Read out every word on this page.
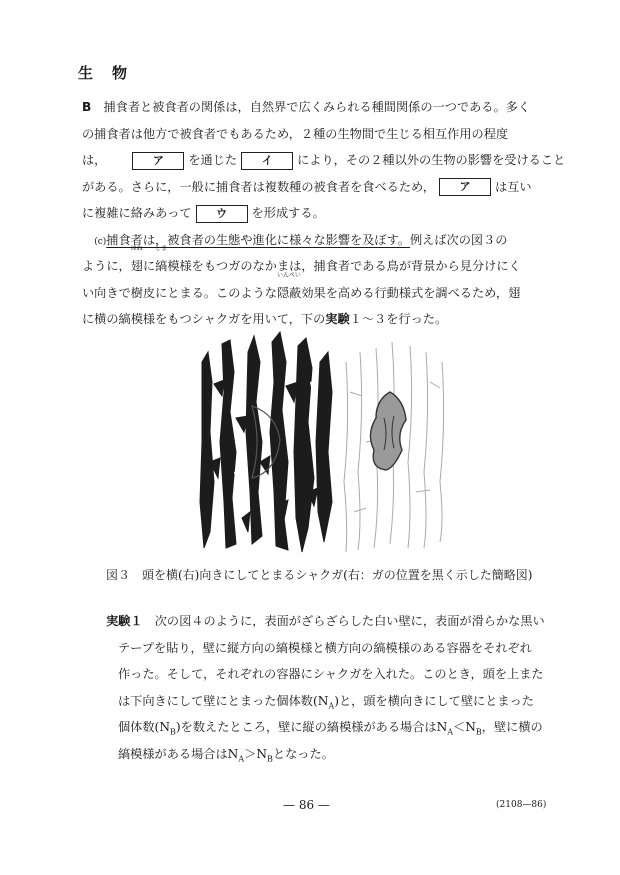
生　物
B　 捕食者と被食者の関係は，自然界で広くみられる種間関係の一つである。多く
の捕食者は他方で被食者でもあるため，２種の生物間で生じる相互作用の程度
は，	ア を通じた イ により，その２種以外の生物の影響を受けること
がある。さらに，一般に捕食者は複数種の被食者を食べるため， ア は互い
に複雑に絡みあって ウ を形成する。
　(c)捕食者は，被食者の生態や進化に様々な影響を及ぼす。例えば次の図３の
ように，
はね
翅に
しま
縞模様をもつガのなかまは，捕食者である鳥が背景から見分けにく
い向きで樹皮にとまる。このような
いんぺい
隠蔽効果を高める行動様式を調べるため，翅
に横の縞模様をもつシャクガを用いて，下の実験１～３を行った。
図３　頭を横(右)向きにしてとまるシャクガ(右：ガの位置を黒く示した簡略図)
実験１　 次の図４のように，表面がざらざらした白い壁に，表面が滑らかな黒い
テープを貼り，壁に縦方向の縞模様と横方向の縞模様のある容器をそれぞれ
作った。そして，それぞれの容器にシャクガを入れた。このとき，頭を上また
は下向きにして壁にとまった個体数$(N_A)$と，頭を横向きにして壁にとまった
個体数$(N_B)$を数えたところ，壁に縦の縞模様がある場合は$N_A<N_B$，壁に横の
縞模様がある場合は$N_A>N_B$となった。
— 86 —	(2108—86)
